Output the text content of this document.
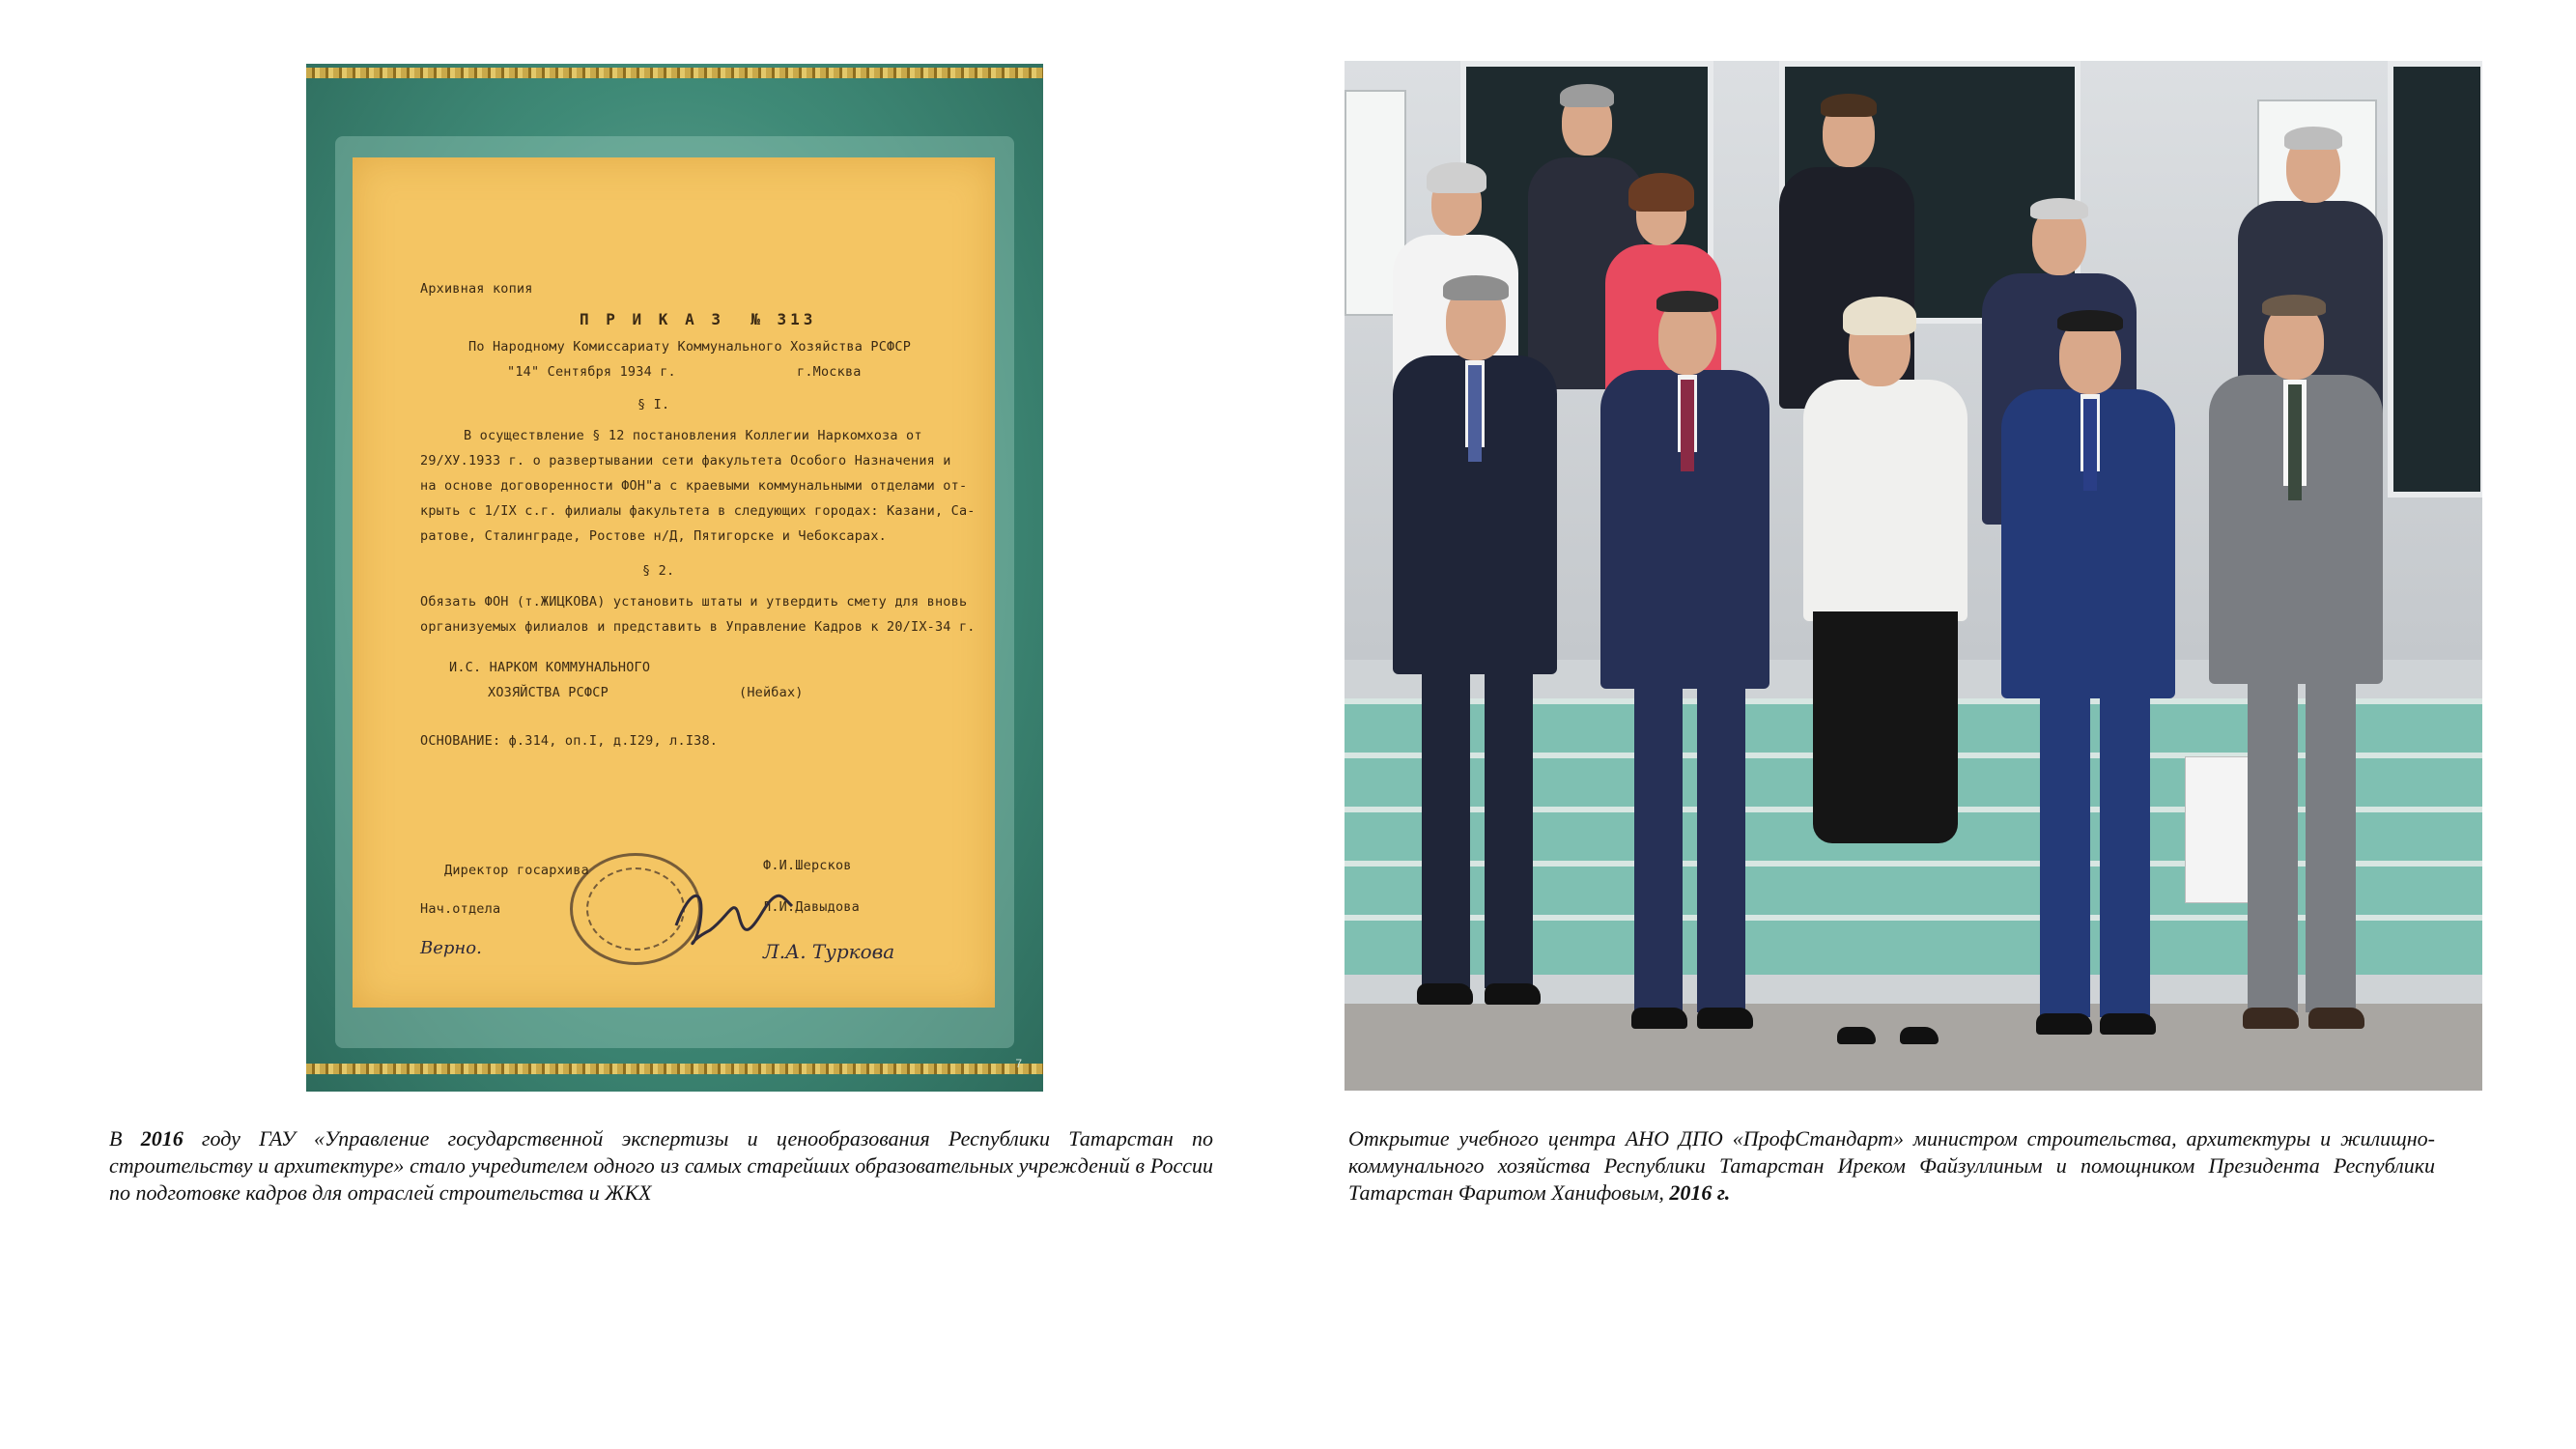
Архивная копия
П Р И К А З  № 313
По Народному Комиссариату Коммунального Хозяйства РСФСР
"14" Сентября 1934 г.	г.Москва
§ I.
В осуществление § 12 постановления Коллегии Наркомхоза от
29/ХУ.1933 г. о развертывании сети факультета Особого Назначения и
на основе договоренности ФОН"а с краевыми коммунальными отделами от-
крыть с 1/IX с.г. филиалы факультета в следующих городах: Казани, Са-
ратове, Сталинграде, Ростове н/Д, Пятигорске и Чебоксарах.
§ 2.
Обязать ФОН (т.ЖИЦКОВА) установить штаты и утвердить смету для вновь
организуемых филиалов и представить в Управление Кадров к 20/IX-34 г.
И.С. НАРКОМ КОММУНАЛЬНОГО
ХОЗЯЙСТВА РСФСР	(Нейбах)
ОСНОВАНИЕ: ф.314, оп.I, д.I29, л.I38.
Директор госархива	Ф.И.Шерсков
Нач.отдела	Л.И.Давыдова
Верно.	Л.А. Туркова
7
В 2016 году ГАУ «Управление государственной экспертизы и ценообразования Республики Татарстан по строительству и архитектуре» стало учредителем одного из самых старейших образовательных учреждений в России по подготовке кадров для отраслей строительства и ЖКХ
Открытие учебного центра АНО ДПО «ПрофСтандарт» министром строительства, архитектуры и жилищно-коммунального хозяйства Республики Татарстан Иреком Файзуллиным и помощником Президента Республики Татарстан Фаритом Ханифовым, 2016 г.
